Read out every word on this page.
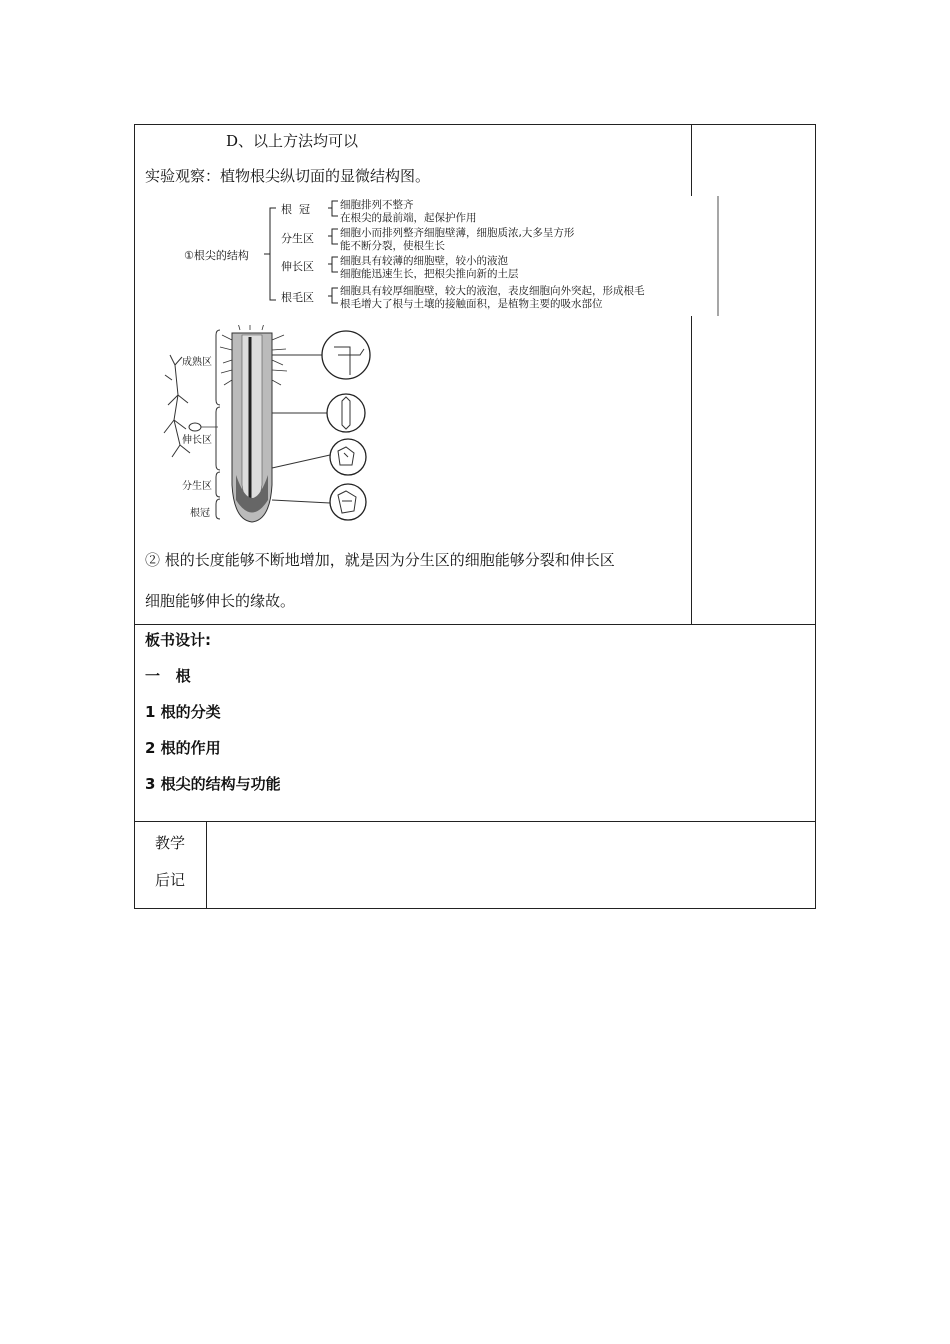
D、以上方法均可以
实验观察：植物根尖纵切面的显微结构图。
①根尖的结构
根  冠	细胞排列不整齐
在根尖的最前端，起保护作用
分生区 细胞小而排列整齐细胞壁薄，细胞质浓,大多呈方形
能不断分裂，使根生长
伸长区 细胞具有较薄的细胞壁，较小的液泡
细胞能迅速生长，把根尖推向新的土层
根毛区 细胞具有较厚细胞壁，较大的液泡，表皮细胞向外突起，形成根毛
根毛增大了根与土壤的接触面积，是植物主要的吸水部位
成熟区
伸长区
分生区
根冠
② 根的长度能够不断地增加，就是因为分生区的细胞能够分裂和伸长区
细胞能够伸长的缘故。
板书设计:
一   根
1 根的分类
2 根的作用
3 根尖的结构与功能
教学
后记
